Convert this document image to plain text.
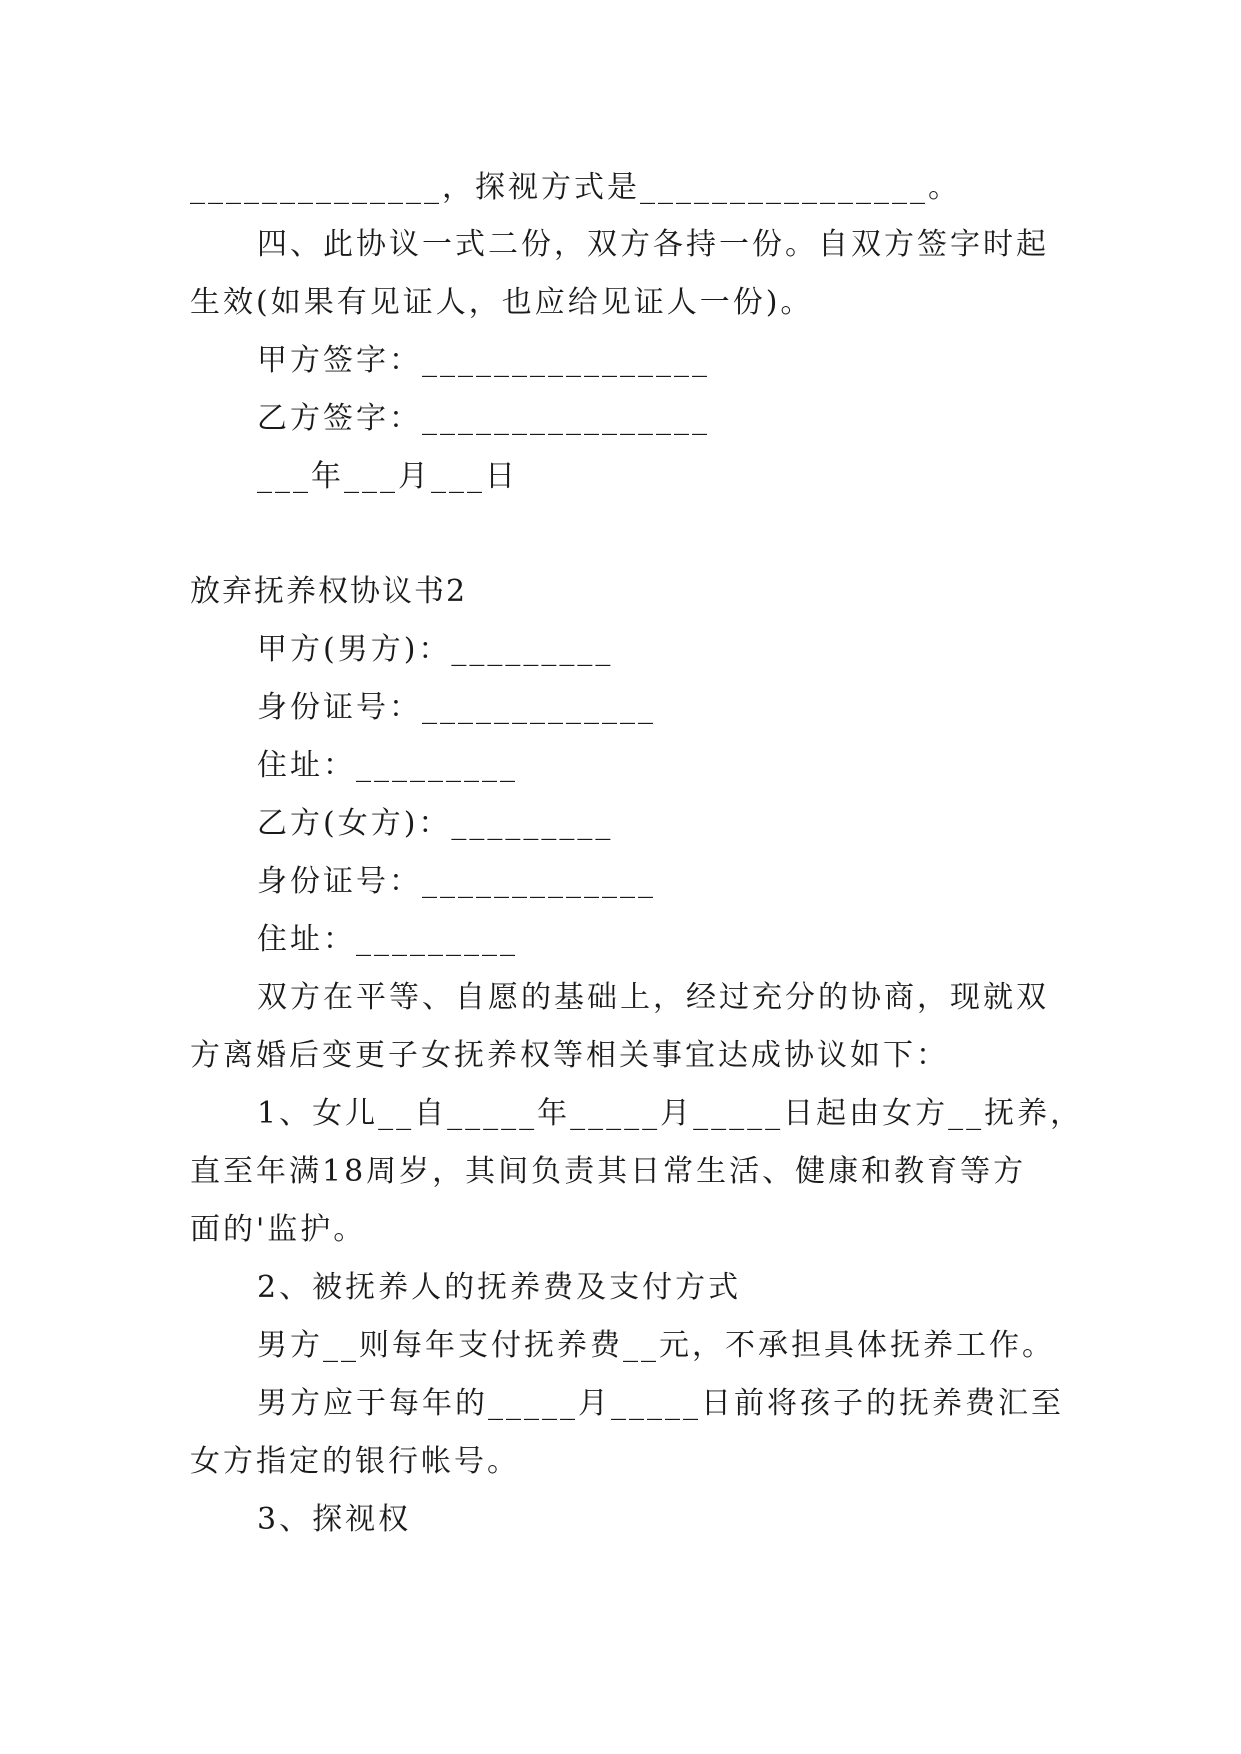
______________，探视方式是________________。
四、此协议一式二份，双方各持一份。自双方签字时起
生效(如果有见证人，也应给见证人一份)。
甲方签字：________________
乙方签字：________________
___年___月___日
放弃抚养权协议书2
甲方(男方)：_________
身份证号：_____________
住址：_________
乙方(女方)：_________
身份证号：_____________
住址：_________
双方在平等、自愿的基础上，经过充分的协商，现就双
方离婚后变更子女抚养权等相关事宜达成协议如下：
1、女儿__自_____年_____月_____日起由女方__抚养，
直至年满18周岁，其间负责其日常生活、健康和教育等方
面的'监护。
2、被抚养人的抚养费及支付方式
男方__则每年支付抚养费__元，不承担具体抚养工作。
男方应于每年的_____月_____日前将孩子的抚养费汇至
女方指定的银行帐号。
3、探视权
